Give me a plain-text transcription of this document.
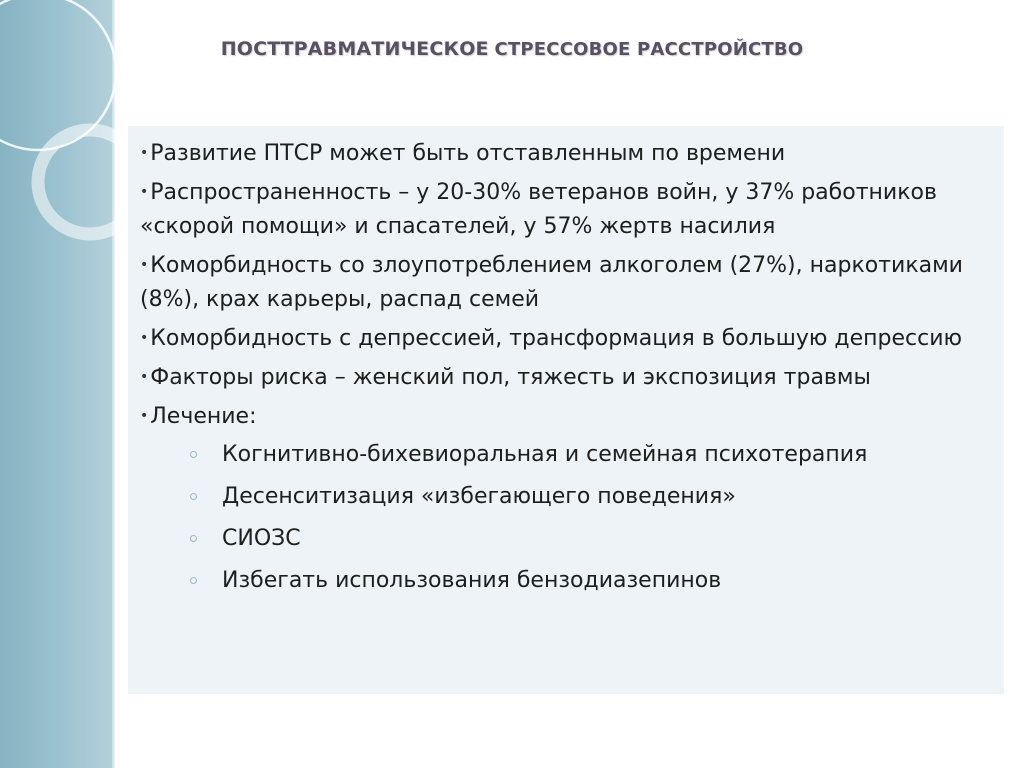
ПОСТТРАВМАТИЧЕСКОЕ СТРЕССОВОЕ РАССТРОЙСТВО
•Развитие ПТСР может быть отставленным по времени
•Распространенность – у 20-30% ветеранов войн, у 37% работников «скорой помощи» и спасателей, у 57% жертв насилия
•Коморбидность со злоупотреблением алкоголем (27%), наркотиками (8%), крах карьеры, распад семей
•Коморбидность с депрессией, трансформация в большую депрессию
•Факторы риска – женский пол, тяжесть и экспозиция травмы
•Лечение:
Когнитивно-бихевиоральная и семейная психотерапия
Десенситизация «избегающего поведения»
СИОЗС
Избегать использования бензодиазепинов
